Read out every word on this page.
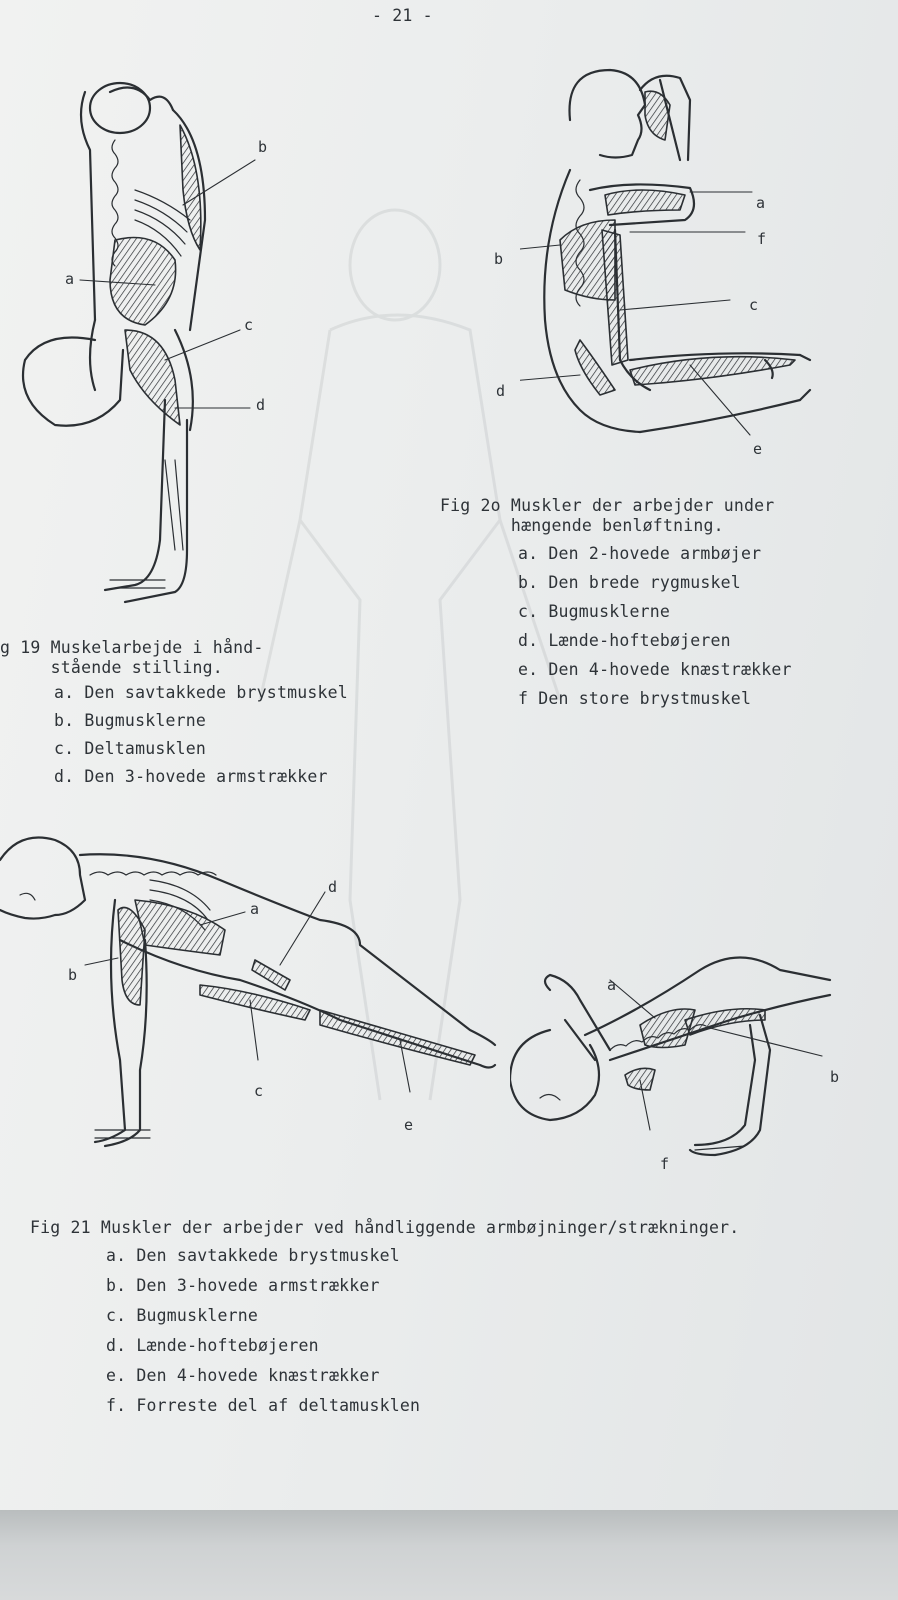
- 21 -
b
a
c
d
g 19 Muskelarbejde i hånd-
stående stilling.
a. Den savtakkede brystmuskel
b. Bugmusklerne
c. Deltamusklen
d. Den 3-hovede armstrækker
a
f
b
c
d
e
Fig 2o Muskler der arbejder under
hængende benløftning.
a. Den 2-hovede armbøjer
b. Den brede rygmuskel
c. Bugmusklerne
d. Lænde-hoftebøjeren
e. Den 4-hovede knæstrækker
f Den store brystmuskel
a
d
b
c
e
a
b
f
Fig 21 Muskler der arbejder ved håndliggende armbøjninger/strækninger.
a. Den savtakkede brystmuskel
b. Den 3-hovede armstrækker
c. Bugmusklerne
d. Lænde-hoftebøjeren
e. Den 4-hovede knæstrækker
f. Forreste del af deltamusklen
